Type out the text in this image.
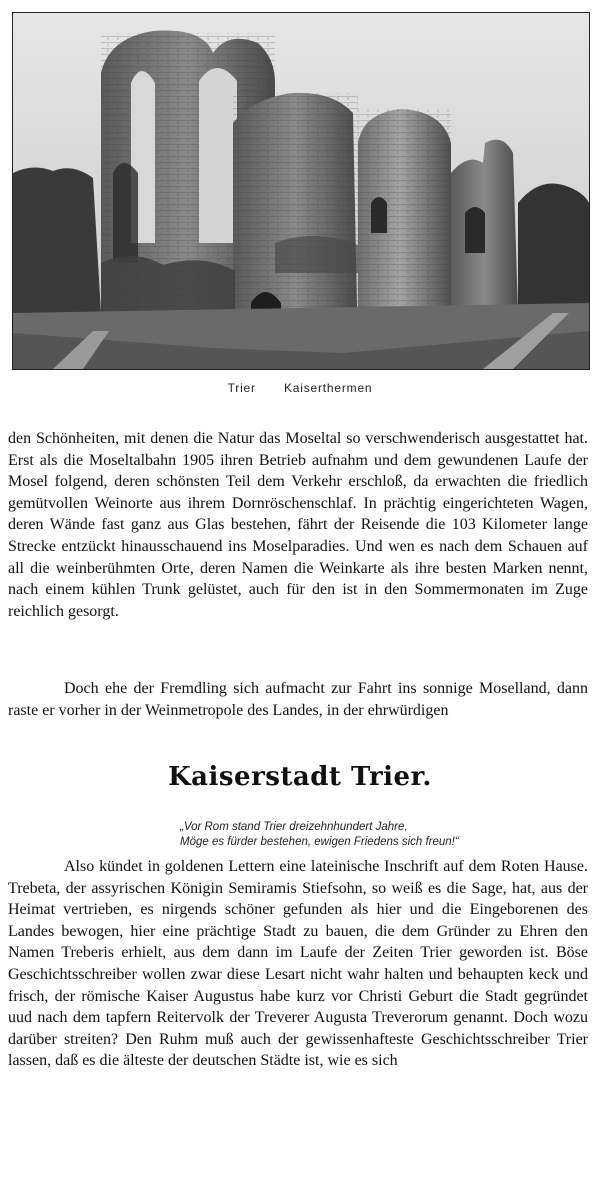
Trier Kaiserthermen

den Schönheiten, mit denen die Natur das Moseltal so verschwenderisch ausgestattet hat. Erst als die Moseltalbahn 1905 ihren Betrieb aufnahm und dem gewundenen Laufe der Mosel folgend, deren schönsten Teil dem Verkehr erschloß, da erwachten die friedlich gemütvollen Weinorte aus ihrem Dornröschenschlaf. In prächtig eingerichteten Wagen, deren Wände fast ganz aus Glas bestehen, fährt der Reisende die 103 Kilometer lange Strecke entzückt hinausschauend ins Moselparadies. Und wen es nach dem Schauen auf all die weinberühmten Orte, deren Namen die Weinkarte als ihre besten Marken nennt, nach einem kühlen Trunk gelüstet, auch für den ist in den Sommermonaten im Zuge reichlich gesorgt.

Doch ehe der Fremdling sich aufmacht zur Fahrt ins sonnige Moselland, dann raste er vorher in der Weinmetropole des Landes, in der ehrwürdigen

Kaiserstadt Trier.
„Vor Rom stand Trier dreizehnhundert Jahre,
Möge es fürder bestehen, ewigen Friedens sich freun!“

Also kündet in goldenen Lettern eine lateinische Inschrift auf dem Roten Hause. Trebeta, der assyrischen Königin Semiramis Stiefsohn, so weiß es die Sage, hat, aus der Heimat vertrieben, es nirgends schöner gefunden als hier und die Eingeborenen des Landes bewogen, hier eine prächtige Stadt zu bauen, die dem Gründer zu Ehren den Namen Treberis erhielt, aus dem dann im Laufe der Zeiten Trier geworden ist. Böse Geschichtsschreiber wollen zwar diese Lesart nicht wahr halten und behaupten keck und frisch, der römische Kaiser Augustus habe kurz vor Christi Geburt die Stadt gegründet uud nach dem tapfern Reitervolk der Treverer Augusta Treverorum genannt. Doch wozu darüber streiten? Den Ruhm muß auch der gewissenhafteste Geschichtsschreiber Trier lassen, daß es die älteste der deutschen Städte ist, wie es sich
